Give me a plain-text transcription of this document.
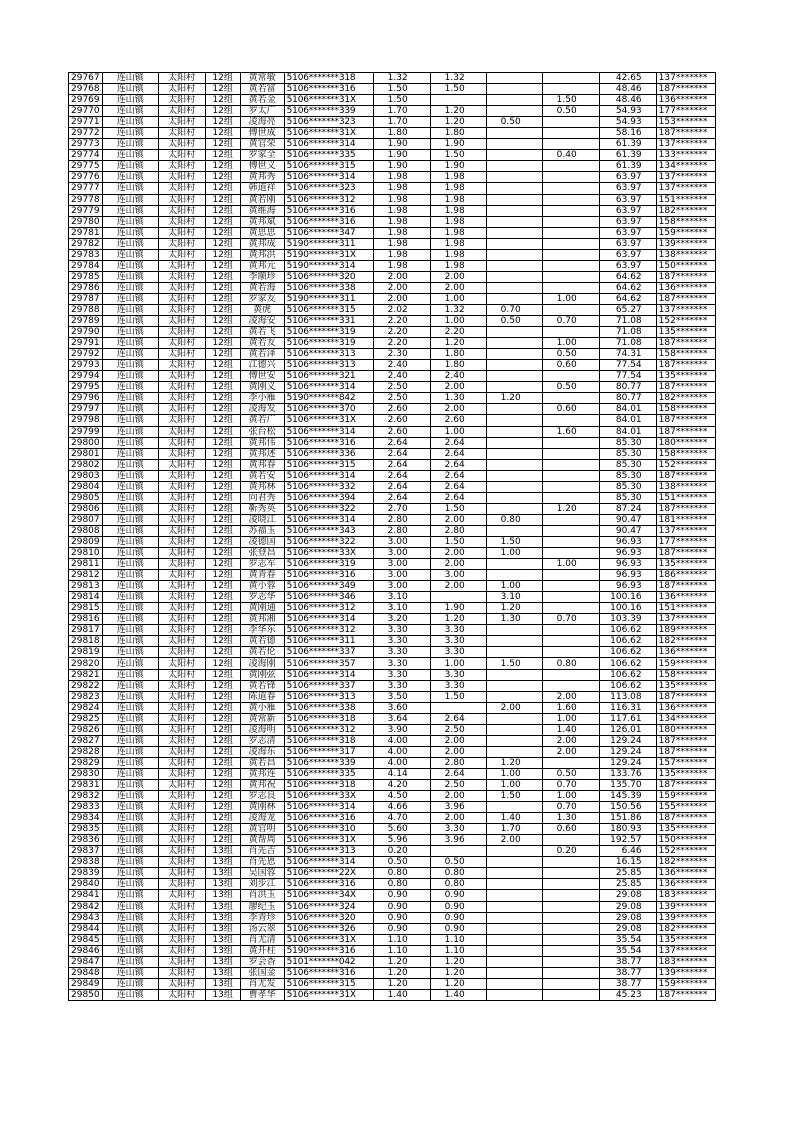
29767	连山镇	太阳村	12组	黄常敏	5106*******318	1.32	1.32			42.65	137*******
29768	连山镇	太阳村	12组	黄若富	5106*******316	1.50	1.50			48.46	187*******
29769	连山镇	太阳村	12组	黄若金	5106*******31X	1.50			1.50	48.46	136*******
29770	连山镇	太阳村	12组	罗太广	5106*******339	1.70	1.20		0.50	54.93	177*******
29771	连山镇	太阳村	12组	凌海亮	5106*******323	1.70	1.20	0.50		54.93	153*******
29772	连山镇	太阳村	12组	傅世成	5106*******31X	1.80	1.80			58.16	187*******
29773	连山镇	太阳村	12组	黄官荣	5106*******314	1.90	1.90			61.39	137*******
29774	连山镇	太阳村	12组	罗家全	5106*******335	1.90	1.50		0.40	61.39	133*******
29775	连山镇	太阳村	12组	傅世义	5106*******315	1.90	1.90			61.39	134*******
29776	连山镇	太阳村	12组	黄邦秀	5106*******314	1.98	1.98			63.97	137*******
29777	连山镇	太阳村	12组	韩道祥	5106*******323	1.98	1.98			63.97	137*******
29778	连山镇	太阳村	12组	黄若刚	5106*******312	1.98	1.98			63.97	151*******
29779	连山镇	太阳村	12组	黄维海	5106*******316	1.98	1.98			63.97	182*******
29780	连山镇	太阳村	12组	黄邦斌	5106*******316	1.98	1.98			63.97	158*******
29781	连山镇	太阳村	12组	黄思思	5106*******347	1.98	1.98			63.97	159*******
29782	连山镇	太阳村	12组	黄邦成	5190*******311	1.98	1.98			63.97	139*******
29783	连山镇	太阳村	12组	黄邦洪	5190*******31X	1.98	1.98			63.97	138*******
29784	连山镇	太阳村	12组	黄邦元	5190*******314	1.98	1.98			63.97	150*******
29785	连山镇	太阳村	12组	李顺珍	5106*******320	2.00	2.00			64.62	187*******
29786	连山镇	太阳村	12组	黄若海	5106*******338	2.00	2.00			64.62	136*******
29787	连山镇	太阳村	12组	罗家友	5190*******311	2.00	1.00		1.00	64.62	187*******
29788	连山镇	太阳村	12组	黄虎	5106*******315	2.02	1.32	0.70		65.27	137*******
29789	连山镇	太阳村	12组	凌海安	5106*******331	2.20	1.00	0.50	0.70	71.08	152*******
29790	连山镇	太阳村	12组	黄若飞	5106*******319	2.20	2.20			71.08	135*******
29791	连山镇	太阳村	12组	黄若友	5106*******319	2.20	1.20		1.00	71.08	187*******
29792	连山镇	太阳村	12组	黄若泽	5106*******313	2.30	1.80		0.50	74.31	158*******
29793	连山镇	太阳村	12组	江德兴	5106*******313	2.40	1.80		0.60	77.54	187*******
29794	连山镇	太阳村	12组	傅世安	5106*******321	2.40	2.40			77.54	135*******
29795	连山镇	太阳村	12组	黄刚义	5106*******314	2.50	2.00		0.50	80.77	187*******
29796	连山镇	太阳村	12组	李小雁	5190*******842	2.50	1.30	1.20		80.77	182*******
29797	连山镇	太阳村	12组	凌海发	5106*******370	2.60	2.00		0.60	84.01	158*******
29798	连山镇	太阳村	12组	黄若广	5106*******31X	2.60	2.60			84.01	187*******
29799	连山镇	太阳村	12组	张台松	5106*******314	2.60	1.00		1.60	84.01	187*******
29800	连山镇	太阳村	12组	黄邦伟	5106*******316	2.64	2.64			85.30	180*******
29801	连山镇	太阳村	12组	黄邦述	5106*******336	2.64	2.64			85.30	158*******
29802	连山镇	太阳村	12组	黄邦春	5106*******315	2.64	2.64			85.30	152*******
29803	连山镇	太阳村	12组	黄若安	5106*******314	2.64	2.64			85.30	187*******
29804	连山镇	太阳村	12组	黄邦林	5106*******332	2.64	2.64			85.30	138*******
29805	连山镇	太阳村	12组	向君秀	5106*******394	2.64	2.64			85.30	151*******
29806	连山镇	太阳村	12组	靳秀英	5106*******322	2.70	1.50		1.20	87.24	187*******
29807	连山镇	太阳村	12组	凌晓江	5106*******314	2.80	2.00	0.80		90.47	181*******
29808	连山镇	太阳村	12组	苏福玉	5106*******343	2.80	2.80			90.47	137*******
29809	连山镇	太阳村	12组	凌德国	5106*******322	3.00	1.50	1.50		96.93	177*******
29810	连山镇	太阳村	12组	张登昌	5106*******33X	3.00	2.00	1.00		96.93	187*******
29811	连山镇	太阳村	12组	罗志军	5106*******319	3.00	2.00		1.00	96.93	135*******
29812	连山镇	太阳村	12组	黄青春	5106*******316	3.00	3.00			96.93	186*******
29813	连山镇	太阳村	12组	黄小蓉	5106*******349	3.00	2.00	1.00		96.93	187*******
29814	连山镇	太阳村	12组	罗志华	5106*******346	3.10		3.10		100.16	136*******
29815	连山镇	太阳村	12组	黄刚通	5106*******312	3.10	1.90	1.20		100.16	151*******
29816	连山镇	太阳村	12组	黄邦湘	5106*******314	3.20	1.20	1.30	0.70	103.39	137*******
29817	连山镇	太阳村	12组	李华东	5106*******312	3.30	3.30			106.62	189*******
29818	连山镇	太阳村	12组	黄若德	5106*******311	3.30	3.30			106.62	182*******
29819	连山镇	太阳村	12组	黄若伦	5106*******337	3.30	3.30			106.62	136*******
29820	连山镇	太阳村	12组	凌海刚	5106*******357	3.30	1.00	1.50	0.80	106.62	159*******
29821	连山镇	太阳村	12组	黄刚弦	5106*******314	3.30	3.30			106.62	158*******
29822	连山镇	太阳村	12组	黄若锋	5106*******337	3.30	3.30			106.62	135*******
29823	连山镇	太阳村	12组	陈道春	5106*******313	3.50	1.50		2.00	113.08	187*******
29824	连山镇	太阳村	12组	黄小雁	5106*******338	3.60		2.00	1.60	116.31	136*******
29825	连山镇	太阳村	12组	黄常新	5106*******318	3.64	2.64		1.00	117.61	134*******
29826	连山镇	太阳村	12组	凌海明	5106*******312	3.90	2.50		1.40	126.01	180*******
29827	连山镇	太阳村	12组	罗志清	5106*******318	4.00	2.00		2.00	129.24	187*******
29828	连山镇	太阳村	12组	凌海东	5106*******317	4.00	2.00		2.00	129.24	187*******
29829	连山镇	太阳村	12组	黄若昌	5106*******339	4.00	2.80	1.20		129.24	157*******
29830	连山镇	太阳村	12组	黄邦连	5106*******335	4.14	2.64	1.00	0.50	133.76	135*******
29831	连山镇	太阳村	12组	黄邦祝	5106*******318	4.20	2.50	1.00	0.70	135.70	187*******
29832	连山镇	太阳村	12组	罗志良	5106*******33X	4.50	2.00	1.50	1.00	145.39	159*******
29833	连山镇	太阳村	12组	黄刚林	5106*******314	4.66	3.96		0.70	150.56	155*******
29834	连山镇	太阳村	12组	凌海龙	5106*******316	4.70	2.00	1.40	1.30	151.86	187*******
29835	连山镇	太阳村	12组	黄官明	5106*******310	5.60	3.30	1.70	0.60	180.93	135*******
29836	连山镇	太阳村	12组	黄帮周	5106*******31X	5.96	3.96	2.00		192.57	150*******
29837	连山镇	太阳村	13组	肖先吉	5106*******313	0.20			0.20	6.46	152*******
29838	连山镇	太阳村	13组	肖先恩	5106*******314	0.50	0.50			16.15	182*******
29839	连山镇	太阳村	13组	吴国蓉	5106*******22X	0.80	0.80			25.85	136*******
29840	连山镇	太阳村	13组	刘步江	5106*******316	0.80	0.80			25.85	136*******
29841	连山镇	太阳村	13组	肖洪玉	5106*******34X	0.90	0.90			29.08	183*******
29842	连山镇	太阳村	13组	廖纪玉	5106*******324	0.90	0.90			29.08	139*******
29843	连山镇	太阳村	13组	李青珍	5106*******320	0.90	0.90			29.08	139*******
29844	连山镇	太阳村	13组	汤云翠	5106*******326	0.90	0.90			29.08	182*******
29845	连山镇	太阳村	13组	肖尤清	5106*******31X	1.10	1.10			35.54	135*******
29846	连山镇	太阳村	13组	黄开柱	5190*******316	1.10	1.10			35.54	137*******
29847	连山镇	太阳村	13组	罗会香	5101*******042	1.20	1.20			38.77	183*******
29848	连山镇	太阳村	13组	张国金	5106*******316	1.20	1.20			38.77	139*******
29849	连山镇	太阳村	13组	肖尤发	5106*******315	1.20	1.20			38.77	159*******
29850	连山镇	太阳村	13组	曹孝华	5106*******31X	1.40	1.40			45.23	187*******
